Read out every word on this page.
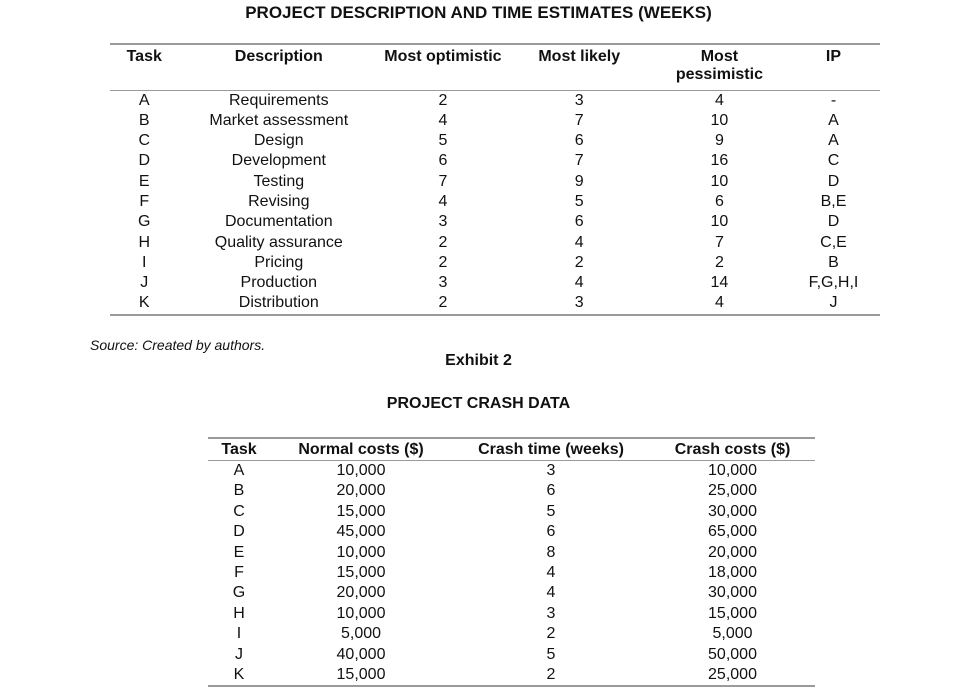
PROJECT DESCRIPTION AND TIME ESTIMATES (WEEKS)
Task	Description	Most optimistic	Most likely	Most pessimistic	IP
A	Requirements	2	3	4	-
B	Market assessment	4	7	10	A
C	Design	5	6	9	A
D	Development	6	7	16	C
E	Testing	7	9	10	D
F	Revising	4	5	6	B,E
G	Documentation	3	6	10	D
H	Quality assurance	2	4	7	C,E
I	Pricing	2	2	2	B
J	Production	3	4	14	F,G,H,I
K	Distribution	2	3	4	J
Source: Created by authors.
Exhibit 2
PROJECT CRASH DATA
Task	Normal costs ($)	Crash time (weeks)	Crash costs ($)
A	10,000	3	10,000
B	20,000	6	25,000
C	15,000	5	30,000
D	45,000	6	65,000
E	10,000	8	20,000
F	15,000	4	18,000
G	20,000	4	30,000
H	10,000	3	15,000
I	5,000	2	5,000
J	40,000	5	50,000
K	15,000	2	25,000
